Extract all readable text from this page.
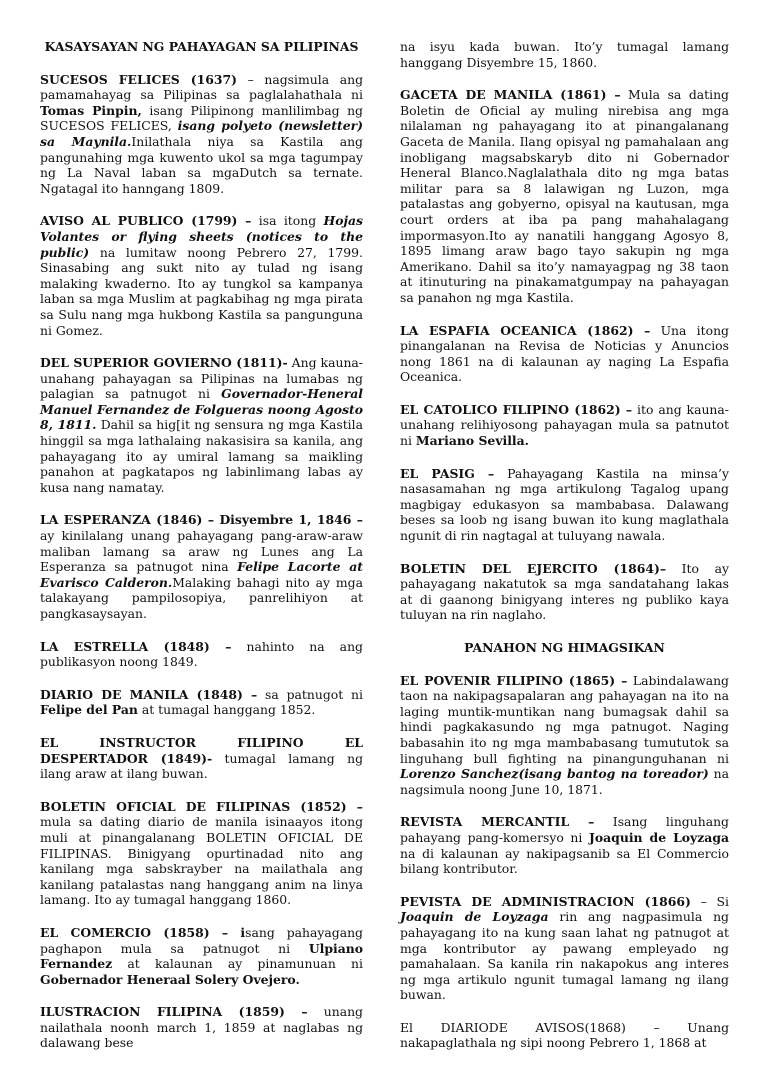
KASAYSAYAN NG PAHAYAGAN SA PILIPINAS

SUCESOS FELICES (1637) – nagsimula ang pamamahayag sa Pilipinas sa paglalahathala ni Tomas Pinpin, isang Pilipinong manlilimbag ng SUCESOS FELICES, isang polyeto (newsletter) sa Maynila.Inilathala niya sa Kastila ang pangunahing mga kuwento ukol sa mga tagumpay ng La Naval laban sa mgaDutch sa ternate. Ngatagal ito hanngang 1809.

AVISO AL PUBLICO (1799) – isa itong Hojas Volantes or flying sheets (notices to the public) na lumitaw noong Pebrero 27, 1799. Sinasabing ang sukt nito ay tulad ng isang malaking kwaderno. Ito ay tungkol sa kampanya laban sa mga Muslim at pagkabihag ng mga pirata sa Sulu nang mga hukbong Kastila sa pangunguna ni Gomez.

DEL SUPERIOR GOVIERNO (1811)- Ang kauna-unahang pahayagan sa Pilipinas na lumabas ng palagian sa patnugot ni Governador-Heneral Manuel Fernandez de Folgueras noong Agosto 8, 1811. Dahil sa hig[it ng sensura ng mga Kastila hinggil sa mga lathalaing nakasisira sa kanila, ang pahayagang ito ay umiral lamang sa maikling panahon at pagkatapos ng labinlimang labas ay kusa nang namatay.

LA ESPERANZA (1846) – Disyembre 1, 1846 – ay kinilalang unang pahayagang pang-araw-araw maliban lamang sa araw ng Lunes ang La Esperanza sa patnugot nina Felipe Lacorte at Evarisco Calderon.Malaking bahagi nito ay mga talakayang pampilosopiya, panrelihiyon at pangkasaysayan.

LA ESTRELLA (1848) – nahinto na ang publikasyon noong 1849.

DIARIO DE MANILA (1848) – sa patnugot ni Felipe del Pan at tumagal hanggang 1852.

EL INSTRUCTOR FILIPINO EL DESPERTADOR (1849)- tumagal lamang ng ilang araw at ilang buwan.

BOLETIN OFICIAL DE FILIPINAS (1852) – mula sa dating diario de manila isinaayos itong muli at pinangalanang BOLETIN OFICIAL DE FILIPINAS. Binigyang opurtinadad nito ang kanilang mga sabskrayber na mailathala ang kanilang patalastas nang hanggang anim na linya lamang. Ito ay tumagal hanggang 1860.

EL COMERCIO (1858) – isang pahayagang paghapon mula sa patnugot ni Ulpiano Fernandez at kalaunan ay pinamunuan ni Gobernador Heneraal Solery Ovejero.

ILUSTRACION FILIPINA (1859) – unang nailathala noonh march 1, 1859 at naglabas ng dalawang bese

na isyu kada buwan. Ito’y tumagal lamang hanggang Disyembre 15, 1860.

GACETA DE MANILA (1861) – Mula sa dating Boletin de Oficial ay muling nirebisa ang mga nilalaman ng pahayagang ito at pinangalanang Gaceta de Manila. Ilang opisyal ng pamahalaan ang inobligang magsabskaryb dito ni Gobernador Heneral Blanco.Naglalathala dito ng mga batas militar para sa 8 lalawigan ng Luzon, mga patalastas ang gobyerno, opisyal na kautusan, mga court orders at iba pa pang mahahalagang impormasyon.Ito ay nanatili hanggang Agosyo 8, 1895 limang araw bago tayo sakupin ng mga Amerikano. Dahil sa ito’y namayagpag ng 38 taon at itinuturing na pinakamatgumpay na pahayagan sa panahon ng mga Kastila.

LA ESPAFIA OCEANICA (1862) – Una itong pinangalanan na Revisa de Noticias y Anuncios nong 1861 na di kalaunan ay naging La Espafia Oceanica.

EL CATOLICO FILIPINO (1862) – ito ang kauna-unahang relihiyosong pahayagan mula sa patnutot ni Mariano Sevilla.

EL PASIG – Pahayagang Kastila na minsa’y nasasamahan ng mga artikulong Tagalog upang magbigay edukasyon sa mambabasa. Dalawang beses sa loob ng isang buwan ito kung maglathala ngunit di rin nagtagal at tuluyang nawala.

BOLETIN DEL EJERCITO (1864)– Ito ay pahayagang nakatutok sa mga sandatahang lakas at di gaanong binigyang interes ng publiko kaya tuluyan na rin naglaho.

PANAHON NG HIMAGSIKAN

EL POVENIR FILIPINO (1865) – Labindalawang taon na nakipagsapalaran ang pahayagan na ito na laging muntik-muntikan nang bumagsak dahil sa hindi pagkakasundo ng mga patnugot. Naging babasahin ito ng mga mambabasang tumututok sa linguhang bull fighting na pinangunguhanan ni Lorenzo Sanchez(isang bantog na toreador) na nagsimula noong June 10, 1871.

REVISTA MERCANTIL – Isang linguhang pahayang pang-komersyo ni Joaquin de Loyzaga na di kalaunan ay nakipagsanib sa El Commercio bilang kontributor.

PEVISTA DE ADMINISTRACION (1866) – Si Joaquin de Loyzaga rin ang nagpasimula ng pahayagang ito na kung saan lahat ng patnugot at mga kontributor ay pawang empleyado ng pamahalaan. Sa kanila rin nakapokus ang interes ng mga artikulo ngunit tumagal lamang ng ilang buwan.

El DIARIODE AVISOS(1868) – Unang nakapaglathala ng sipi noong Pebrero 1, 1868 at
